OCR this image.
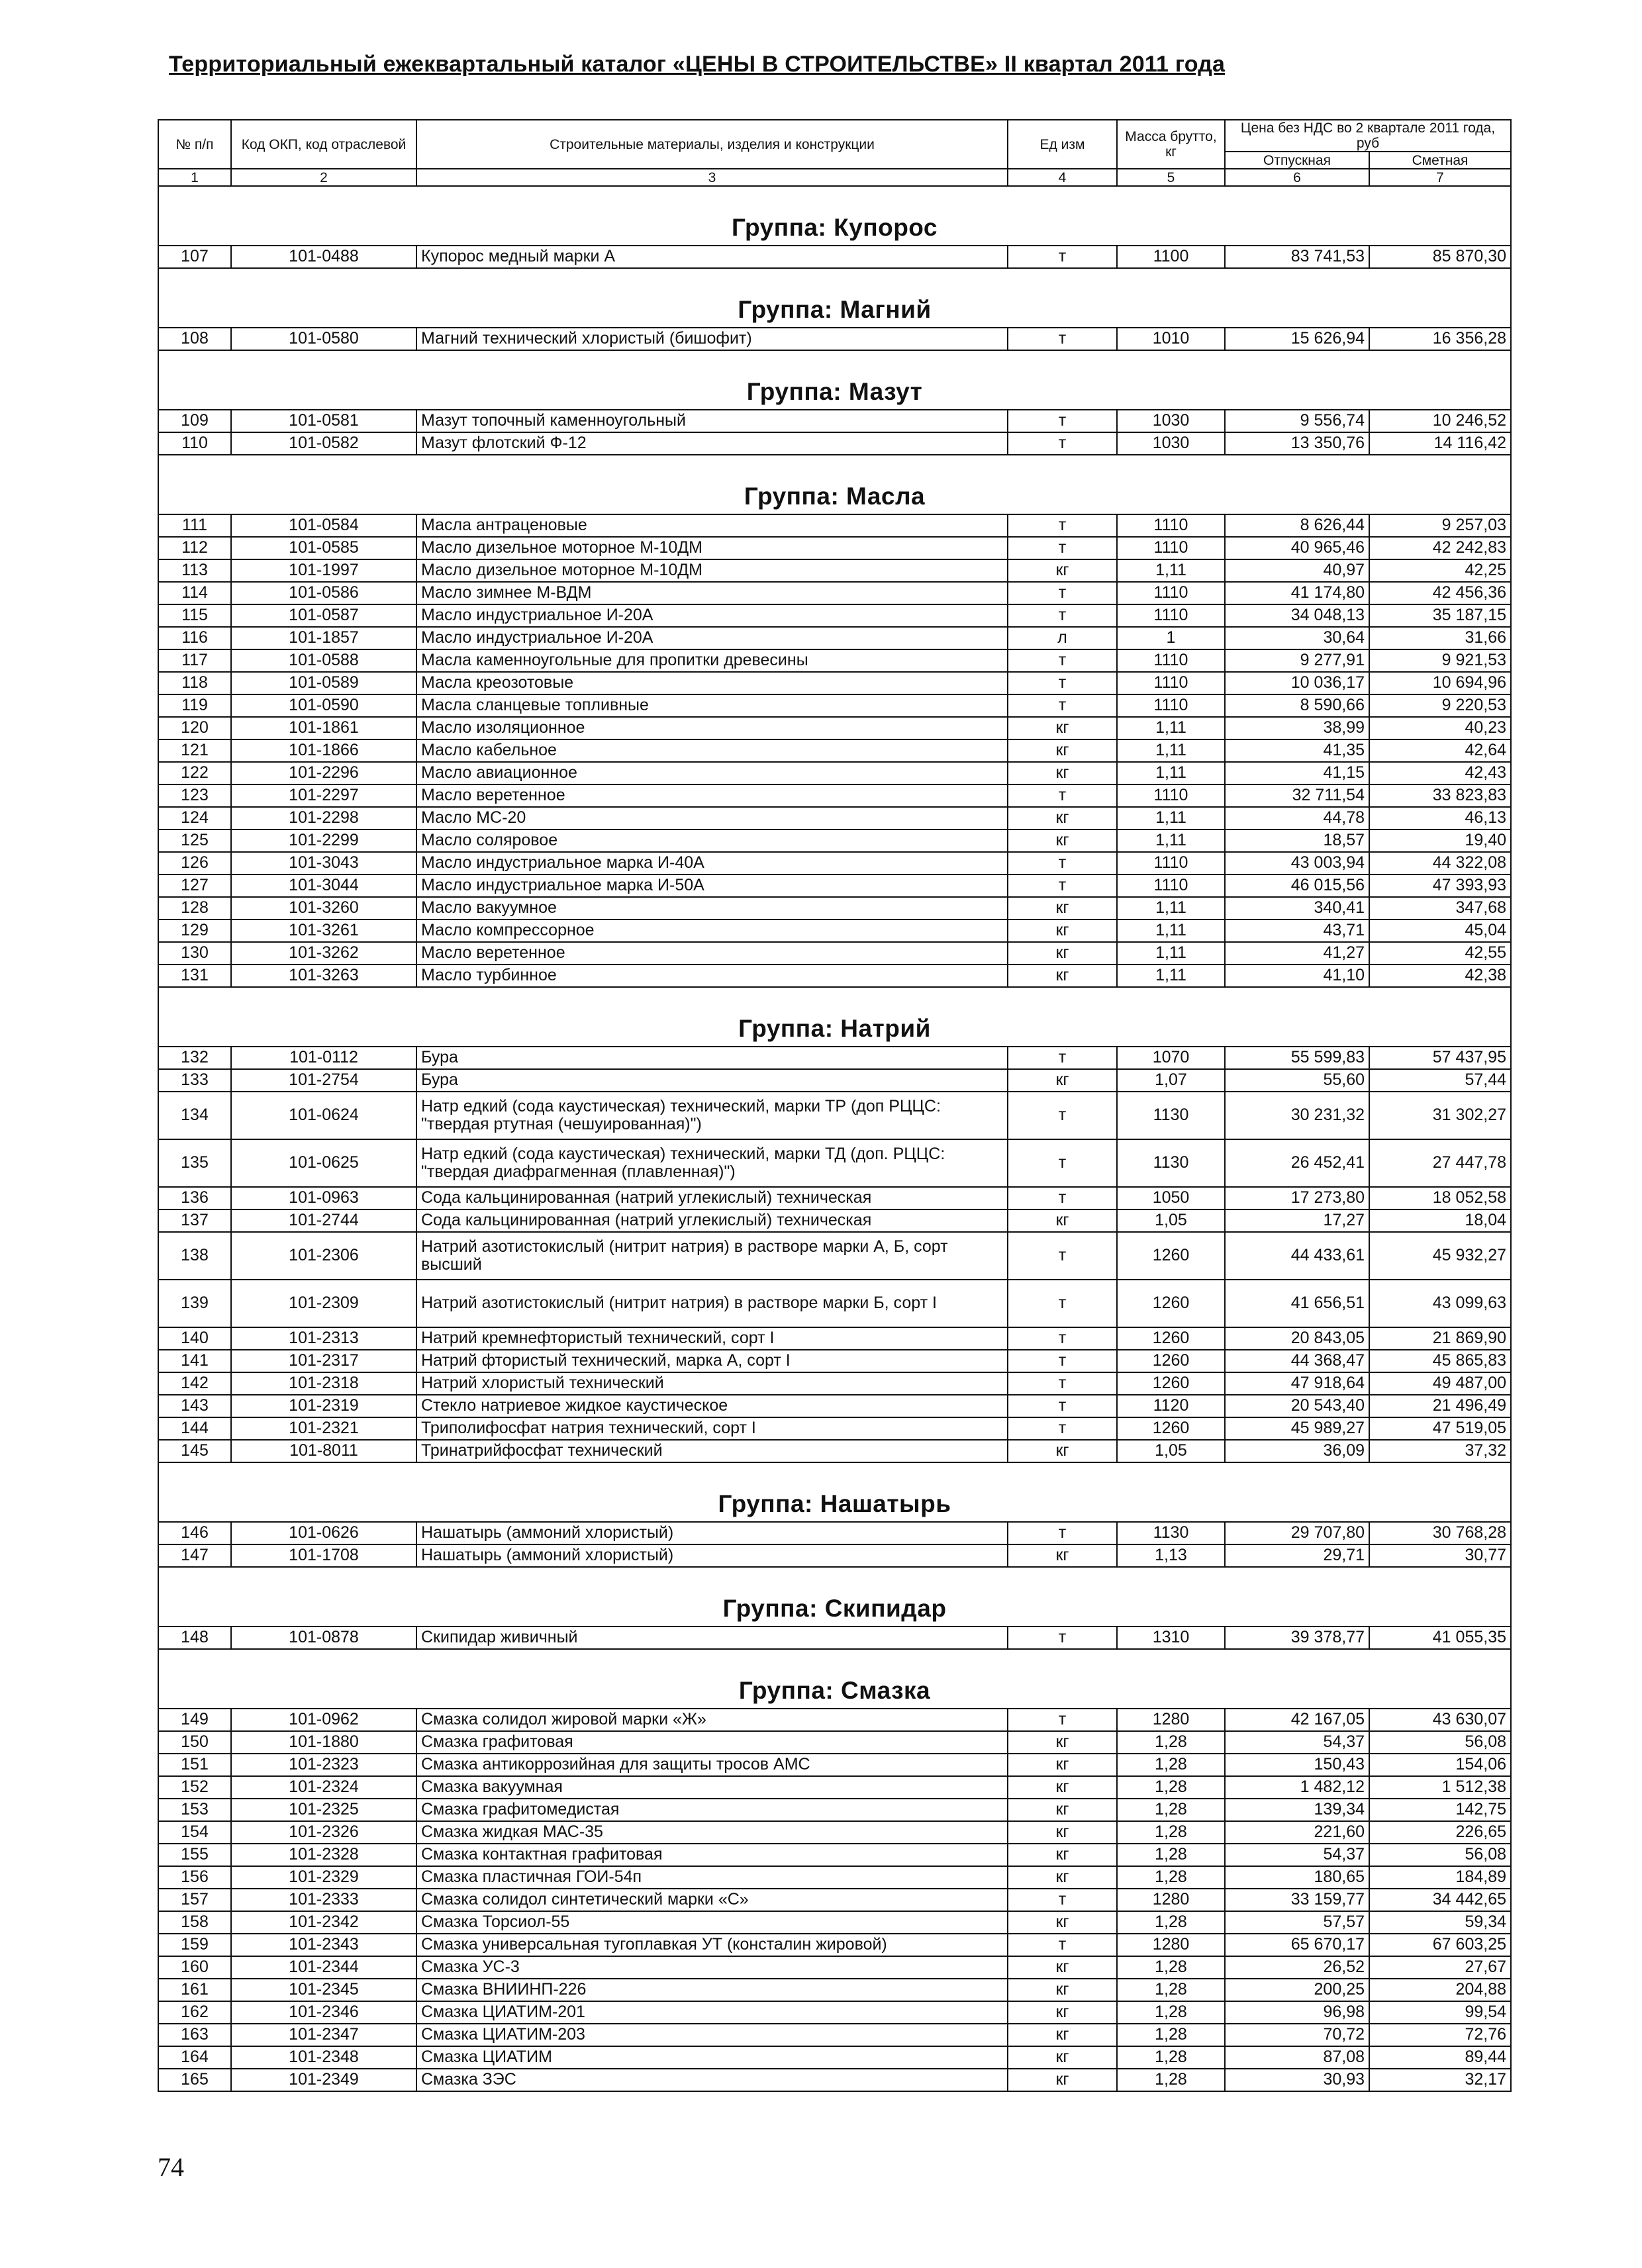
Территориальный ежеквартальный каталог «ЦЕНЫ В СТРОИТЕЛЬСТВЕ» II квартал 2011 года
№ п/п	Код ОКП, код отраслевой	Строительные материалы, изделия и конструкции	Ед изм	Масса брутто, кг	Цена без НДС во 2 квартале 2011 года, руб	
					Отпускная	Сметная
1	2	3	4	5	6	7
Группа: Купорос						
107	101-0488	Купорос медный марки А	т	1100	83 741,53	85 870,30
Группа: Магний						
108	101-0580	Магний технический хлористый (бишофит)	т	1010	15 626,94	16 356,28
Группа: Мазут						
109	101-0581	Мазут топочный каменноугольный	т	1030	9 556,74	10 246,52
110	101-0582	Мазут флотский Ф-12	т	1030	13 350,76	14 116,42
Группа: Масла						
111	101-0584	Масла антраценовые	т	1110	8 626,44	9 257,03
112	101-0585	Масло дизельное моторное М-10ДМ	т	1110	40 965,46	42 242,83
113	101-1997	Масло дизельное моторное М-10ДМ	кг	1,11	40,97	42,25
114	101-0586	Масло зимнее М-ВДМ	т	1110	41 174,80	42 456,36
115	101-0587	Масло индустриальное И-20А	т	1110	34 048,13	35 187,15
116	101-1857	Масло индустриальное И-20А	л	1	30,64	31,66
117	101-0588	Масла каменноугольные для пропитки древесины	т	1110	9 277,91	9 921,53
118	101-0589	Масла креозотовые	т	1110	10 036,17	10 694,96
119	101-0590	Масла сланцевые топливные	т	1110	8 590,66	9 220,53
120	101-1861	Масло изоляционное	кг	1,11	38,99	40,23
121	101-1866	Масло кабельное	кг	1,11	41,35	42,64
122	101-2296	Масло авиационное	кг	1,11	41,15	42,43
123	101-2297	Масло веретенное	т	1110	32 711,54	33 823,83
124	101-2298	Масло МС-20	кг	1,11	44,78	46,13
125	101-2299	Масло соляровое	кг	1,11	18,57	19,40
126	101-3043	Масло индустриальное марка И-40А	т	1110	43 003,94	44 322,08
127	101-3044	Масло индустриальное марка И-50А	т	1110	46 015,56	47 393,93
128	101-3260	Масло вакуумное	кг	1,11	340,41	347,68
129	101-3261	Масло компрессорное	кг	1,11	43,71	45,04
130	101-3262	Масло веретенное	кг	1,11	41,27	42,55
131	101-3263	Масло турбинное	кг	1,11	41,10	42,38
Группа: Натрий						
132	101-0112	Бура	т	1070	55 599,83	57 437,95
133	101-2754	Бура	кг	1,07	55,60	57,44
134	101-0624	Натр едкий (сода каустическая) технический, марки ТР (доп РЦЦС: "твердая ртутная (чешуированная)")	т	1130	30 231,32	31 302,27
135	101-0625	Натр едкий (сода каустическая) технический, марки ТД (доп. РЦЦС: "твердая диафрагменная (плавленная)")	т	1130	26 452,41	27 447,78
136	101-0963	Сода кальцинированная (натрий углекислый) техническая	т	1050	17 273,80	18 052,58
137	101-2744	Сода кальцинированная (натрий углекислый) техническая	кг	1,05	17,27	18,04
138	101-2306	Натрий азотистокислый (нитрит натрия) в растворе марки А, Б, сорт высший	т	1260	44 433,61	45 932,27
139	101-2309	Натрий азотистокислый (нитрит натрия) в растворе марки Б, сорт I	т	1260	41 656,51	43 099,63
140	101-2313	Натрий кремнефтористый технический, сорт I	т	1260	20 843,05	21 869,90
141	101-2317	Натрий фтористый технический, марка А, сорт I	т	1260	44 368,47	45 865,83
142	101-2318	Натрий хлористый технический	т	1260	47 918,64	49 487,00
143	101-2319	Стекло натриевое жидкое каустическое	т	1120	20 543,40	21 496,49
144	101-2321	Триполифосфат натрия технический, сорт I	т	1260	45 989,27	47 519,05
145	101-8011	Тринатрийфосфат технический	кг	1,05	36,09	37,32
Группа: Нашатырь						
146	101-0626	Нашатырь (аммоний хлористый)	т	1130	29 707,80	30 768,28
147	101-1708	Нашатырь (аммоний хлористый)	кг	1,13	29,71	30,77
Группа: Скипидар						
148	101-0878	Скипидар живичный	т	1310	39 378,77	41 055,35
Группа: Смазка						
149	101-0962	Смазка солидол жировой марки «Ж»	т	1280	42 167,05	43 630,07
150	101-1880	Смазка графитовая	кг	1,28	54,37	56,08
151	101-2323	Смазка антикоррозийная для защиты тросов АМС	кг	1,28	150,43	154,06
152	101-2324	Смазка вакуумная	кг	1,28	1 482,12	1 512,38
153	101-2325	Смазка графитомедистая	кг	1,28	139,34	142,75
154	101-2326	Смазка жидкая МАС-35	кг	1,28	221,60	226,65
155	101-2328	Смазка контактная графитовая	кг	1,28	54,37	56,08
156	101-2329	Смазка пластичная ГОИ-54п	кг	1,28	180,65	184,89
157	101-2333	Смазка солидол синтетический марки «С»	т	1280	33 159,77	34 442,65
158	101-2342	Смазка Торсиол-55	кг	1,28	57,57	59,34
159	101-2343	Смазка универсальная тугоплавкая УТ (консталин жировой)	т	1280	65 670,17	67 603,25
160	101-2344	Смазка УС-3	кг	1,28	26,52	27,67
161	101-2345	Смазка ВНИИНП-226	кг	1,28	200,25	204,88
162	101-2346	Смазка ЦИАТИМ-201	кг	1,28	96,98	99,54
163	101-2347	Смазка ЦИАТИМ-203	кг	1,28	70,72	72,76
164	101-2348	Смазка ЦИАТИМ	кг	1,28	87,08	89,44
165	101-2349	Смазка ЗЭС	кг	1,28	30,93	32,17
74
